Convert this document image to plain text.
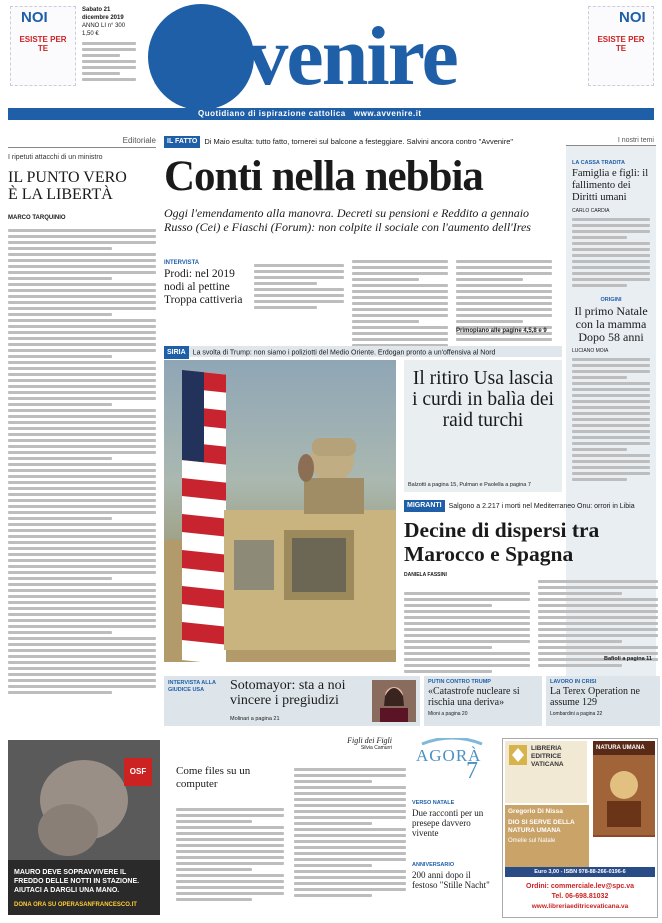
NOI
ESISTE PER TE
Sabato 21 dicembre 2019
ANNO LI n° 300
1,50 € Avvenire
Quotidiano di ispirazione cattolica www.avvenire.it
NOI
ESISTE PER TE
Editoriale
I ripetuti attacchi di un ministro
IL PUNTO VERO
È LA LIBERTÀ
MARCO TARQUINIO
IL FATTO Di Maio esulta: tutto fatto, tornerei sul balcone a festeggiare. Salvini ancora contro "Avvenire"
Conti nella nebbia
Oggi l'emendamento alla manovra. Decreti su pensioni e Reddito a gennaio Russo (Cei) e Fiaschi (Forum): non colpite il sociale con l'aumento dell'Ires
INTERVISTA
Prodi: nel 2019 nodi al pettine Troppa cattiveria
Primopiano alle pagine 4,5,8 e 9
I nostri temi
LA CASSA TRADITA
Famiglia e figli: il fallimento dei Diritti umani
CARLO CARDIA
ORIGINI
Il primo Natale con la mamma Dopo 58 anni
LUCIANO MOIA
SIRIA La svolta di Trump: non siamo i poliziotti del Medio Oriente. Erdogan pronto a un'offensiva al Nord
Il ritiro Usa lascia i curdi in balìa dei raid turchi
Balzotti a pagina 15, Pulman e Paolella a pagina 7
MIGRANTI Salgono a 2.217 i morti nel Mediterraneo Onu: orrori in Libia
Decine di dispersi tra Marocco e Spagna
DANIELA FASSINI
Bafioli a pagina 11
INTERVISTA ALLA GIUDICE USA	Sotomayor: sta a noi vincere i pregiudizi
Molinari a pagina 21
PUTIN CONTRO TRUMP
«Catastrofe nucleare si rischia una deriva»
Mioni a pagina 20
LAVORO IN CRISI
La Terex Operation ne assume 129
Lombardini a pagina 22
OSF
MAURO DEVE SOPRAVVIVERE IL FREDDO DELLE NOTTI IN STAZIONE. AIUTACI A DARGLI UNA MANO.
DONA ORA SU OPERASANFRANCESCO.IT
Figli dei Figli
Silvia Camurri
Come files su un computer
AGORÀ
7
VERSO NATALE
Due racconti per un presepe davvero vivente
ANNIVERSARIO
200 anni dopo il festoso "Stille Nacht"
LIBRERIA
EDITRICE
VATICANA
NATURA UMANA
Gregorio Di Nissa
DIO SI SERVE DELLA NATURA UMANA
Omelie sul Natale
Euro 3,00 - ISBN 978-88-266-0196-6
Ordini: commerciale.lev@spc.va
Tel. 06-698.81032
www.libreriaeditricevaticana.va
